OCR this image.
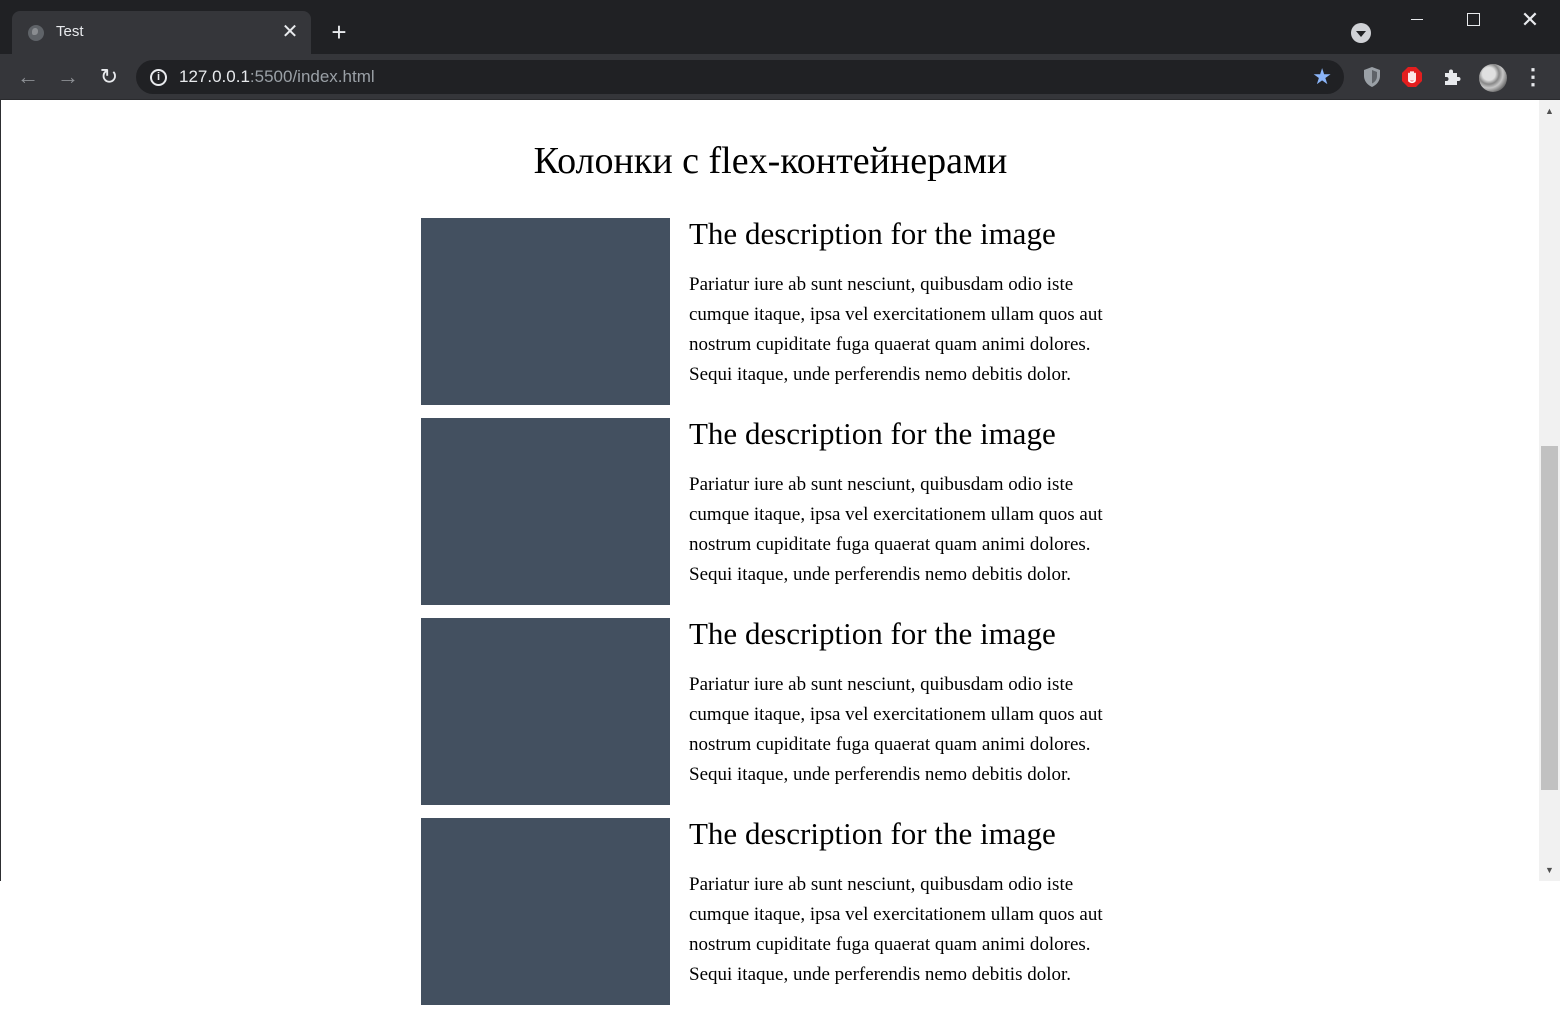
Test	✕ +	✕
← → ↻	i	127.0.0.1:5500/index.html	★	⋮
Колонки с flex-контейнерами
The description for the image

Pariatur iure ab sunt nesciunt, quibusdam odio iste cumque itaque, ipsa vel exercitationem ullam quos aut nostrum cupiditate fuga quaerat quam animi dolores. Sequi itaque, unde perferendis nemo debitis dolor.

The description for the image

Pariatur iure ab sunt nesciunt, quibusdam odio iste cumque itaque, ipsa vel exercitationem ullam quos aut nostrum cupiditate fuga quaerat quam animi dolores. Sequi itaque, unde perferendis nemo debitis dolor.

The description for the image

Pariatur iure ab sunt nesciunt, quibusdam odio iste cumque itaque, ipsa vel exercitationem ullam quos aut nostrum cupiditate fuga quaerat quam animi dolores. Sequi itaque, unde perferendis nemo debitis dolor.

The description for the image

Pariatur iure ab sunt nesciunt, quibusdam odio iste cumque itaque, ipsa vel exercitationem ullam quos aut nostrum cupiditate fuga quaerat quam animi dolores. Sequi itaque, unde perferendis nemo debitis dolor.

▲
▼
